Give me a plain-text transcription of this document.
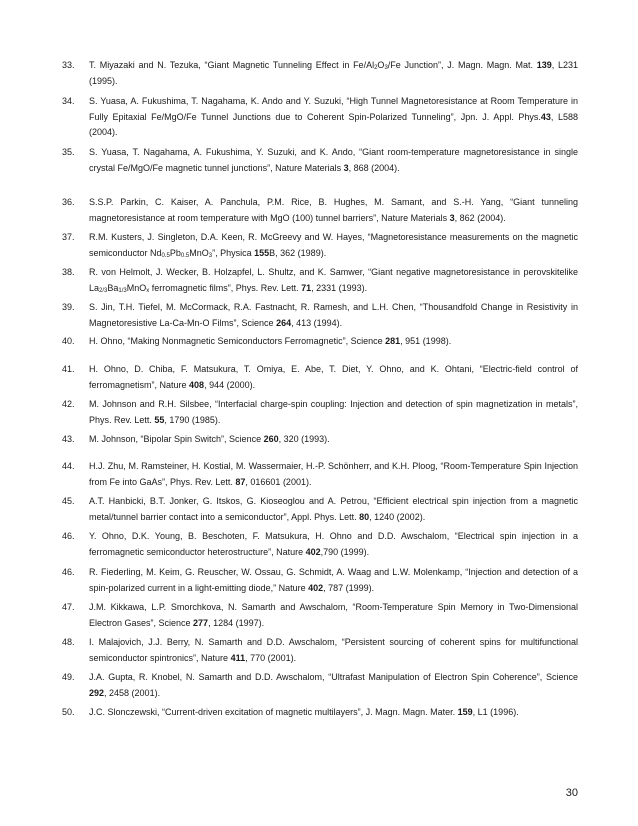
33.	T. Miyazaki and N. Tezuka, “Giant Magnetic Tunneling Effect in $Fe/Al_2O_3/Fe$ Junction”, J. Magn. Magn. Mat. 139, L231 (1995).
34.	S. Yuasa, A. Fukushima, T. Nagahama, K. Ando and Y. Suzuki, “High Tunnel Magnetoresistance at Room Temperature in Fully Epitaxial Fe/MgO/Fe Tunnel Junctions due to Coherent Spin-Polarized Tunneling”, Jpn. J. Appl. Phys.43, L588 (2004).
35.	S. Yuasa, T. Nagahama, A. Fukushima, Y. Suzuki, and K. Ando, “Giant room-temperature magnetoresistance in single crystal Fe/MgO/Fe magnetic tunnel junctions”, Nature Materials 3, 868 (2004).
36.	S.S.P. Parkin, C. Kaiser, A. Panchula, P.M. Rice, B. Hughes, M. Samant, and S.-H. Yang, “Giant tunneling magnetoresistance at room temperature with MgO (100) tunnel barriers”, Nature Materials 3, 862 (2004).
37.	R.M. Kusters, J. Singleton, D.A. Keen, R. McGreevy and W. Hayes, “Magnetoresistance measurements on the magnetic semiconductor $Nd_{0.5}Pb_{0.5}MnO_3$”, Physica 155B, 362 (1989).
38.	R. von Helmolt, J. Wecker, B. Holzapfel, L. Shultz, and K. Samwer, “Giant negative magnetoresistance in perovskitelike $La_{2/3}Ba_{1/3}MnO_x$ ferromagnetic films”, Phys. Rev. Lett. 71, 2331 (1993).
39.	S. Jin, T.H. Tiefel, M. McCormack, R.A. Fastnacht, R. Ramesh, and L.H. Chen, “Thousandfold Change in Resistivity in Magnetoresistive La-Ca-Mn-O Films”, Science 264, 413 (1994).
40.	H. Ohno, “Making Nonmagnetic Semiconductors Ferromagnetic”, Science 281, 951 (1998).
41.	H. Ohno, D. Chiba, F. Matsukura, T. Omiya, E. Abe, T. Diet, Y. Ohno, and K. Ohtani, “Electric-field control of ferromagnetism”, Nature 408, 944 (2000).
42.	M. Johnson and R.H. Silsbee, “Interfacial charge-spin coupling: Injection and detection of spin magnetization in metals”, Phys. Rev. Lett. 55, 1790 (1985).
43.	M. Johnson, “Bipolar Spin Switch”, Science 260, 320 (1993).
44.	H.J. Zhu, M. Ramsteiner, H. Kostial, M. Wassermaier, H.-P. Schönherr, and K.H. Ploog, “Room-Temperature Spin Injection from Fe into GaAs”, Phys. Rev. Lett. 87, 016601 (2001).
45.	A.T. Hanbicki, B.T. Jonker, G. Itskos, G. Kioseoglou and A. Petrou, “Efficient electrical spin injection from a magnetic metal/tunnel barrier contact into a semiconductor”, Appl. Phys. Lett. 80, 1240 (2002).
46.	Y. Ohno, D.K. Young, B. Beschoten, F. Matsukura, H. Ohno and D.D. Awschalom, “Electrical spin injection in a ferromagnetic semiconductor heterostructure”, Nature 402,790 (1999).
46.	R. Fiederling, M. Keim, G. Reuscher, W. Ossau, G. Schmidt, A. Waag and L.W. Molenkamp, “Injection and detection of a spin-polarized current in a light-emitting diode,” Nature 402, 787 (1999).
47.	J.M. Kikkawa, L.P. Smorchkova, N. Samarth and Awschalom, “Room-Temperature Spin Memory in Two-Dimensional Electron Gases”, Science 277, 1284 (1997).
48.	I. Malajovich, J.J. Berry, N. Samarth and D.D. Awschalom, “Persistent sourcing of coherent spins for multifunctional semiconductor spintronics”, Nature 411, 770 (2001).
49.	J.A. Gupta, R. Knobel, N. Samarth and D.D. Awschalom, “Ultrafast Manipulation of Electron Spin Coherence”, Science 292, 2458 (2001).
50.	J.C. Slonczewski, “Current-driven excitation of magnetic multilayers”, J. Magn. Magn. Mater. 159, L1 (1996).
30
